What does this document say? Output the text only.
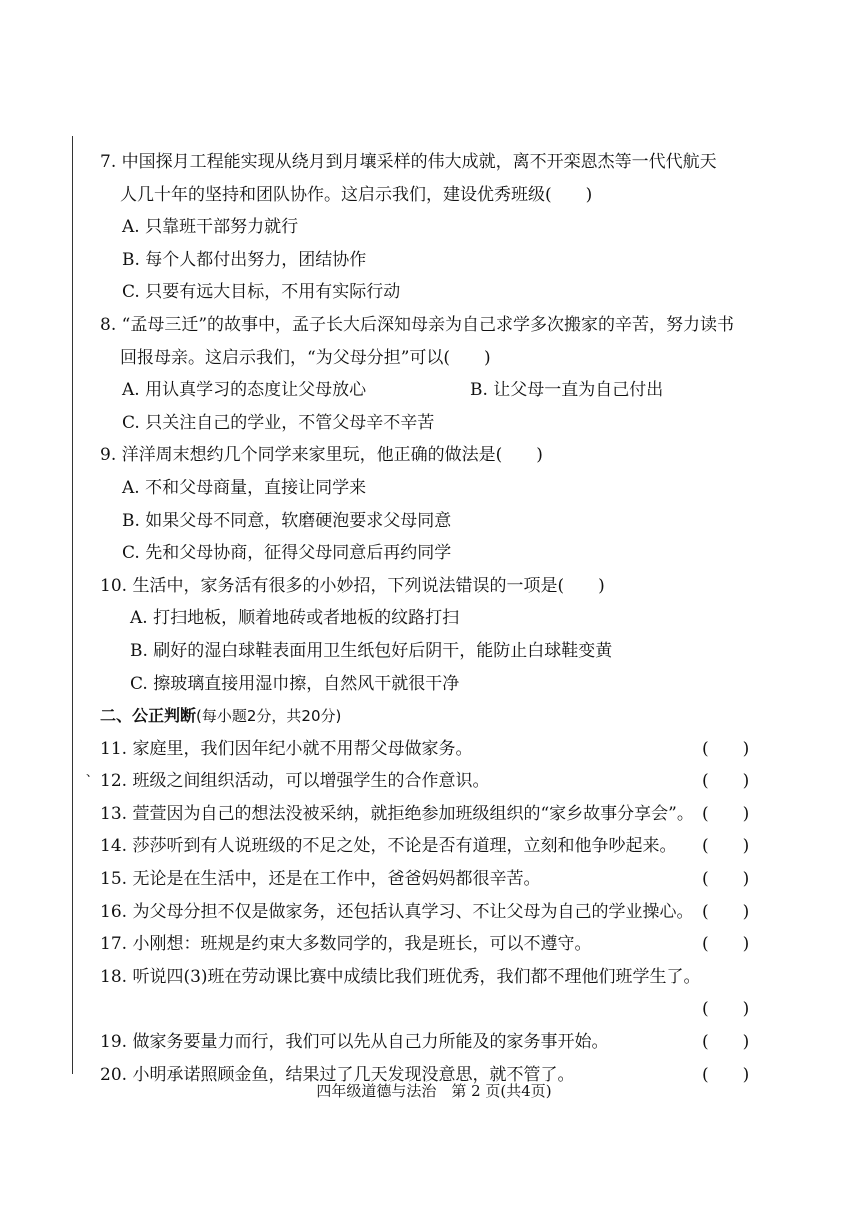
、
7. 中国探月工程能实现从绕月到月壤采样的伟大成就，离不开栾恩杰等一代代航天
人几十年的坚持和团队协作。这启示我们，建设优秀班级(　　)
A. 只靠班干部努力就行
B. 每个人都付出努力，团结协作
C. 只要有远大目标，不用有实际行动
8. “孟母三迁”的故事中，孟子长大后深知母亲为自己求学多次搬家的辛苦，努力读书
回报母亲。这启示我们，“为父母分担”可以(　　)
A. 用认真学习的态度让父母放心	B. 让父母一直为自己付出
C. 只关注自己的学业，不管父母辛不辛苦
9. 洋洋周末想约几个同学来家里玩，他正确的做法是(　　)
A. 不和父母商量，直接让同学来
B. 如果父母不同意，软磨硬泡要求父母同意
C. 先和父母协商，征得父母同意后再约同学
10. 生活中，家务活有很多的小妙招，下列说法错误的一项是(　　)
A. 打扫地板，顺着地砖或者地板的纹路打扫
B. 刷好的湿白球鞋表面用卫生纸包好后阴干，能防止白球鞋变黄
C. 擦玻璃直接用湿巾擦，自然风干就很干净
二、公正判断(每小题2分，共20分)
11. 家庭里，我们因年纪小就不用帮父母做家务。	(　　)
12. 班级之间组织活动，可以增强学生的合作意识。	(　　)
13. 萱萱因为自己的想法没被采纳，就拒绝参加班级组织的“家乡故事分享会”。 (　　)
14. 莎莎听到有人说班级的不足之处，不论是否有道理，立刻和他争吵起来。 (　　)
15. 无论是在生活中，还是在工作中，爸爸妈妈都很辛苦。	(　　)
16. 为父母分担不仅是做家务，还包括认真学习、不让父母为自己的学业操心。 (　　)
17. 小刚想：班规是约束大多数同学的，我是班长，可以不遵守。	(　　)
18. 听说四(3)班在劳动课比赛中成绩比我们班优秀，我们都不理他们班学生了。
(　　)
19. 做家务要量力而行，我们可以先从自己力所能及的家务事开始。	(　　)
20. 小明承诺照顾金鱼，结果过了几天发现没意思，就不管了。	(　　)
四年级道德与法治　第 2 页(共4页)
